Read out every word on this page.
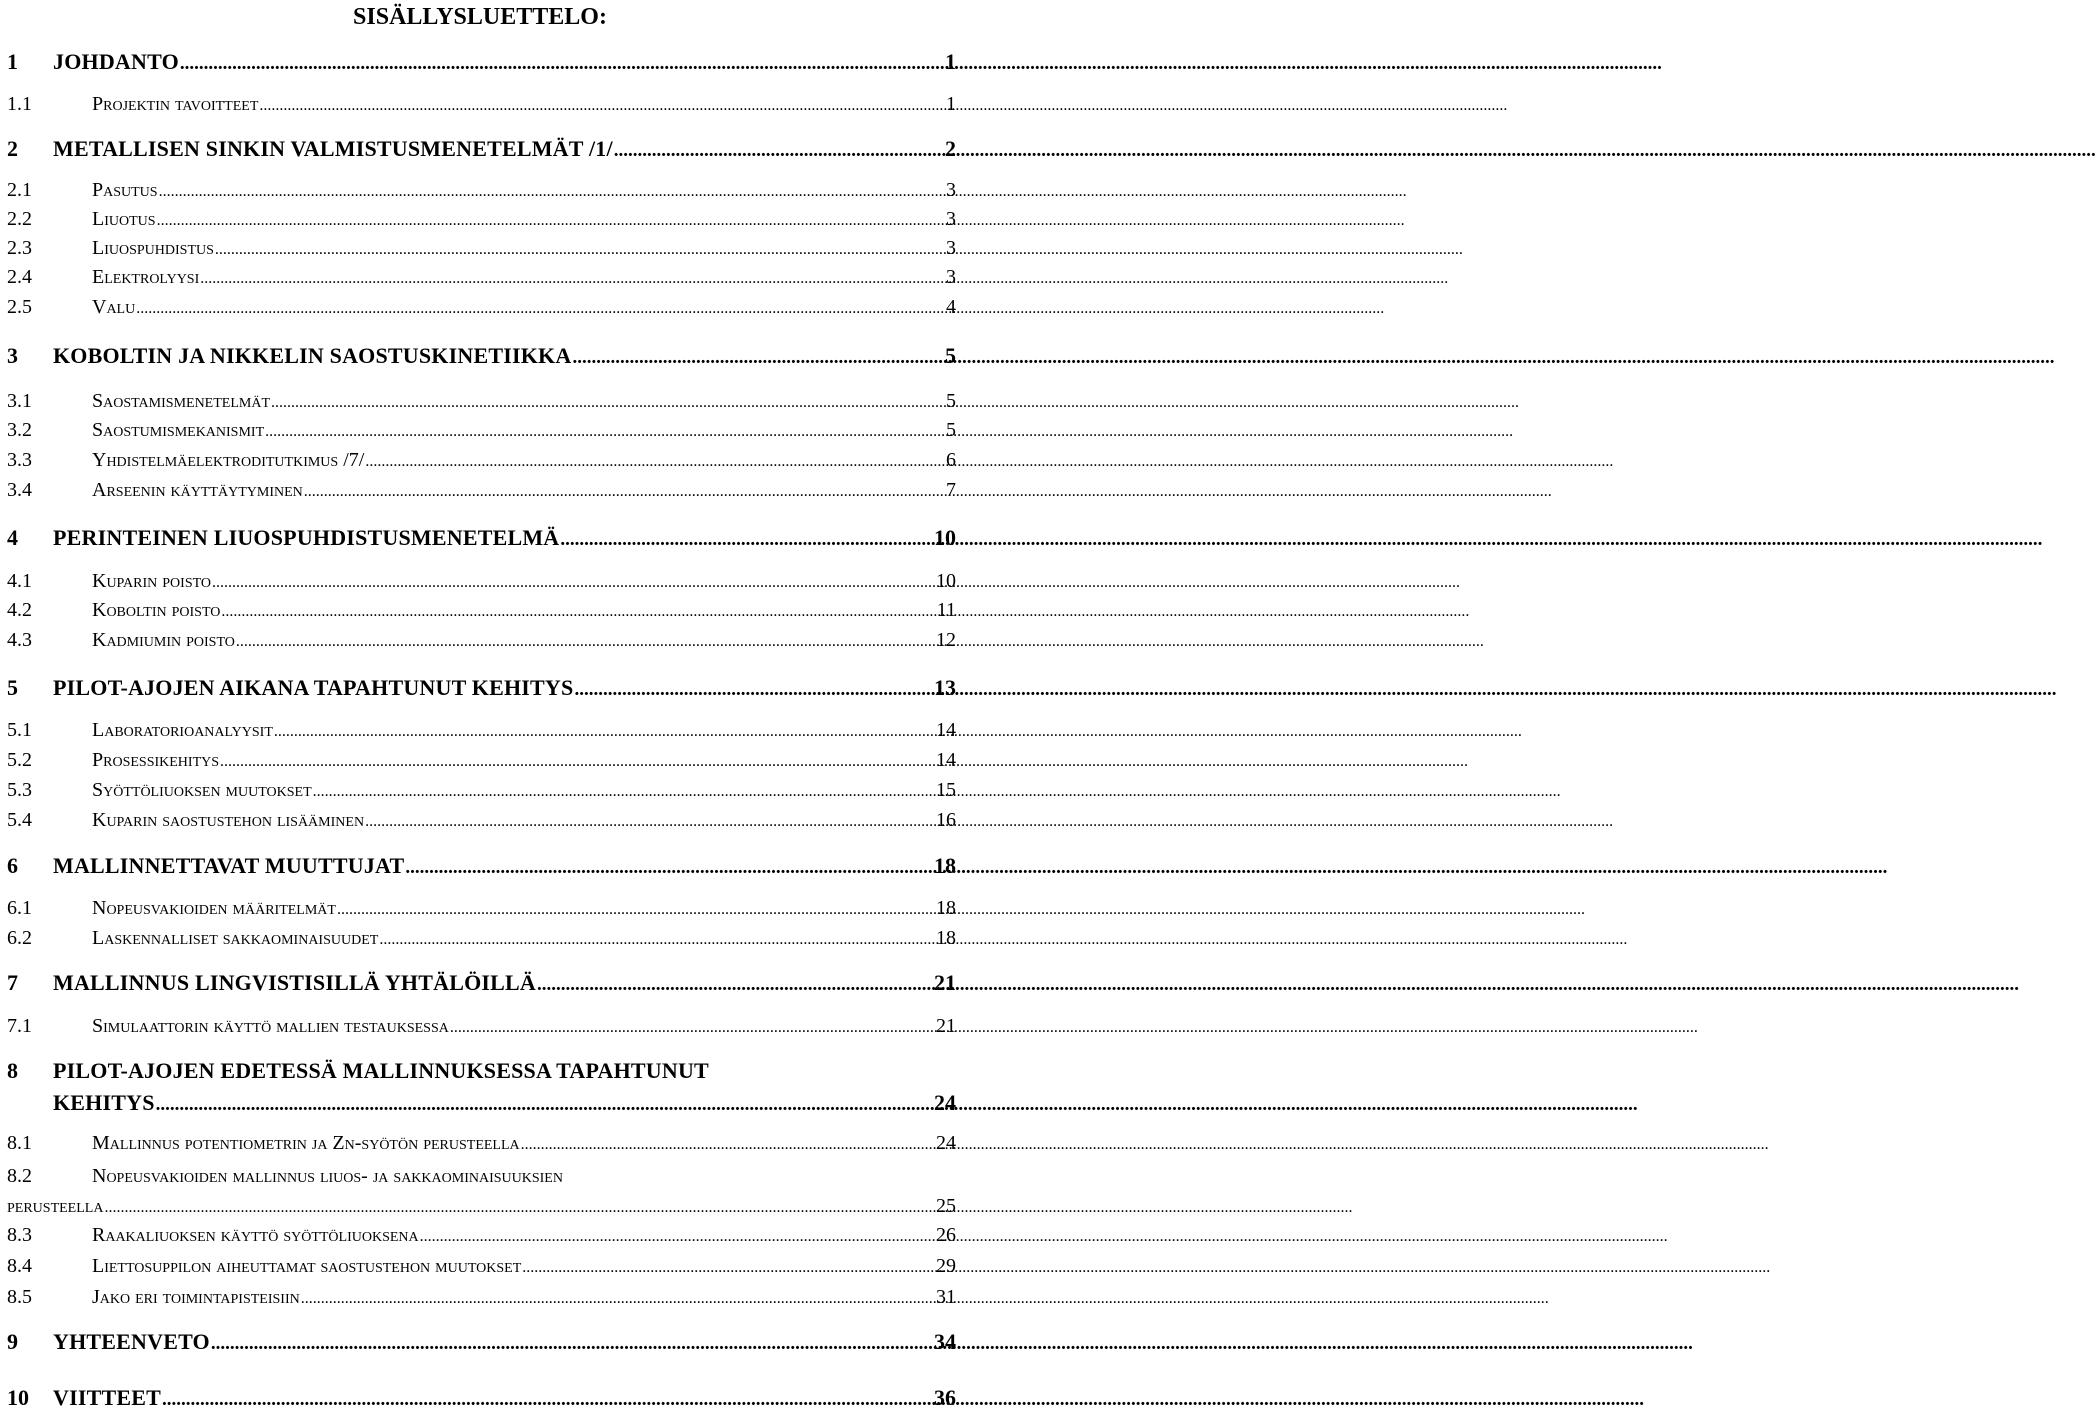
SISÄLLYSLUETTELO:
1	JOHDANTO .....	1
1.1	Projektin tavoitteet .....	1
2	METALLISEN SINKIN VALMISTUSMENETELMÄT /1/ .....	2
2.1	Pasutus .....	3
2.2	Liuotus .....	3
2.3	Liuospuhdistus .....	3
2.4	Elektrolyysi .....	3
2.5	Valu .....	4
3	KOBOLTIN JA NIKKELIN SAOSTUSKINETIIKKA .....	5
3.1	Saostamismenetelmät .....	5
3.2	Saostumismekanismit .....	5
3.3	Yhdistelmäelektroditutkimus /7/ .....	6
3.4	Arseenin käyttäytyminen .....	7
4	PERINTEINEN LIUOSPUHDISTUSMENETELMÄ .....	10
4.1	Kuparin poisto .....	10
4.2	Koboltin poisto .....	11
4.3	Kadmiumin poisto .....	12
5	PILOT-AJOJEN AIKANA TAPAHTUNUT KEHITYS .....	13
5.1	Laboratorioanalyysit .....	14
5.2	Prosessikehitys .....	14
5.3	Syöttöliuoksen muutokset .....	15
5.4	Kuparin saostustehon lisääminen .....	16
6	MALLINNETTAVAT MUUTTUJAT .....	18
6.1	Nopeusvakioiden määritelmät .....	18
6.2	Laskennalliset sakkaominaisuudet .....	18
7	MALLINNUS LINGVISTISILLÄ YHTÄLÖILLÄ .....	21
7.1	Simulaattorin käyttö mallien testauksessa .....	21
8	PILOT-AJOJEN EDETESSÄ MALLINNUKSESSA TAPAHTUNUT
KEHITYS .....	24
8.1	Mallinnus potentiometrin ja Zn-syötön perusteella .....	24
8.2	Nopeusvakioiden mallinnus liuos- ja sakkaominaisuuksien
perusteella .....	25
8.3	Raakaliuoksen käyttö syöttöliuoksena .....	26
8.4	Liettosuppilon aiheuttamat saostustehon muutokset .....	29
8.5	Jako eri toimintapisteisiin .....	31
9	YHTEENVETO .....	34
10	VIITTEET .....	36
